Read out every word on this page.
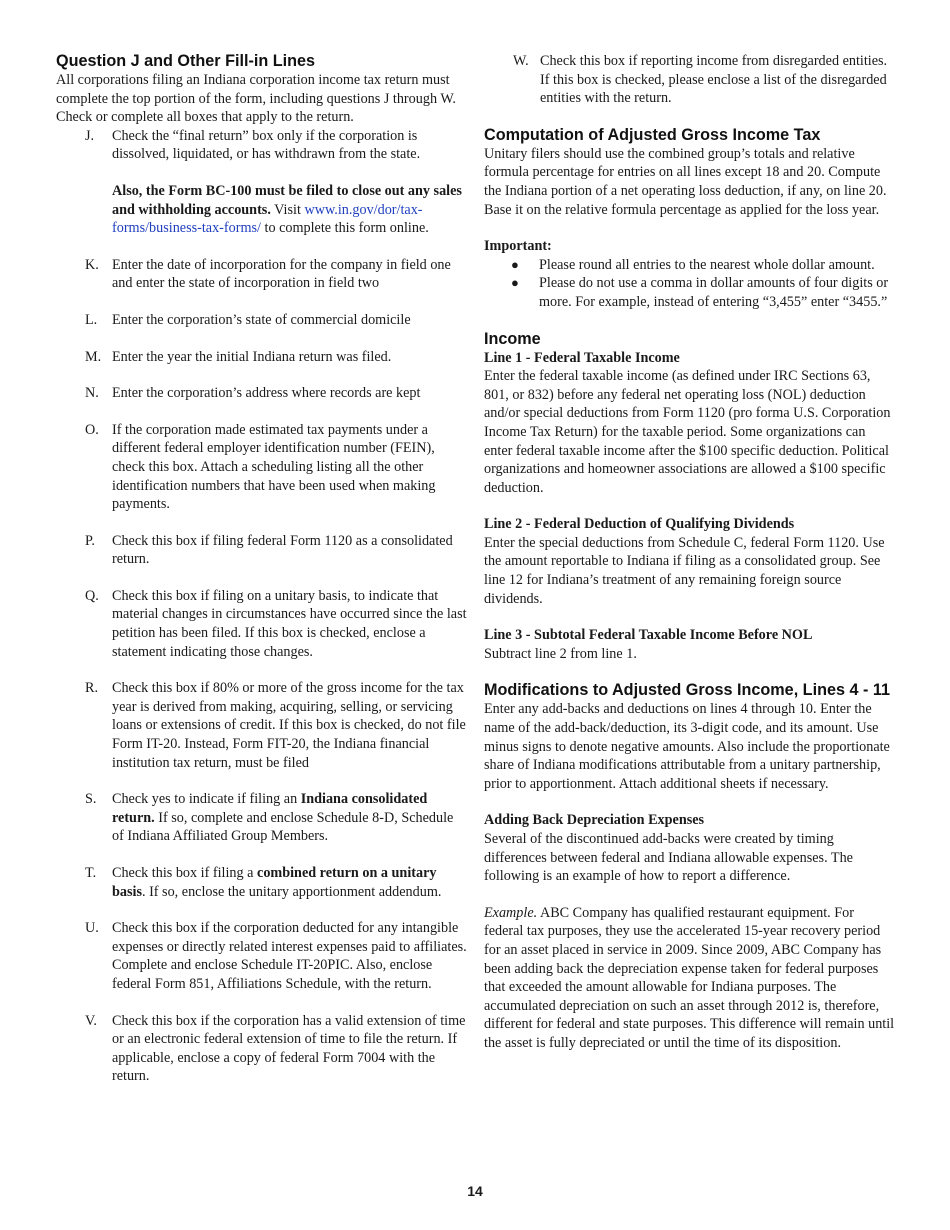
Question J and Other Fill-in Lines

All corporations filing an Indiana corporation income tax return must complete the top portion of the form, including questions J through W. Check or complete all boxes that apply to the return.

J.	Check the “final return” box only if the corporation is dissolved, liquidated, or has withdrawn from the state.

Also, the Form BC-100 must be filed to close out any sales and withholding accounts. Visit www.in.gov/dor/tax-forms/business-tax-forms/ to complete this form online.

K. Enter the date of incorporation for the company in field one and enter the state of incorporation in field two
L.	Enter the corporation’s state of commercial domicile
M. Enter the year the initial Indiana return was filed.
N. Enter the corporation’s address where records are kept
O. If the corporation made estimated tax payments under a different federal employer identification number (FEIN), check this box. Attach a scheduling listing all the other identification numbers that have been used when making payments.
P.	Check this box if filing federal Form 1120 as a consolidated return.
Q. Check this box if filing on a unitary basis, to indicate that material changes in circumstances have occurred since the last petition has been filed. If this box is checked, enclose a statement indicating those changes.
R. Check this box if 80% or more of the gross income for the tax year is derived from making, acquiring, selling, or servicing loans or extensions of credit. If this box is checked, do not file Form IT-20. Instead, Form FIT-20, the Indiana financial institution tax return, must be filed
S.	Check yes to indicate if filing an Indiana consolidated return. If so, complete and enclose Schedule 8-D, Schedule of Indiana Affiliated Group Members.
T.	Check this box if filing a combined return on a unitary basis. If so, enclose the unitary apportionment addendum.
U. Check this box if the corporation deducted for any intangible expenses or directly related interest expenses paid to affiliates. Complete and enclose Schedule IT-20PIC. Also, enclose federal Form 851, Affiliations Schedule, with the return.
V.	Check this box if the corporation has a valid extension of time or an electronic federal extension of time to file the return. If applicable, enclose a copy of federal Form 7004 with the return.
W. Check this box if reporting income from disregarded entities. If this box is checked, please enclose a list of the disregarded entities with the return.
Computation of Adjusted Gross Income Tax

Unitary filers should use the combined group’s totals and relative formula percentage for entries on all lines except 18 and 20. Compute the Indiana portion of a net operating loss deduction, if any, on line 20. Base it on the relative formula percentage as applied for the loss year.

Important:

●	Please round all entries to the nearest whole dollar amount.
●	Please do not use a comma in dollar amounts of four digits or more. For example, instead of entering “3,455” enter “3455.”
Income

Line 1 - Federal Taxable Income

Enter the federal taxable income (as defined under IRC Sections 63, 801, or 832) before any federal net operating loss (NOL) deduction and/or special deductions from Form 1120 (pro forma U.S. Corporation Income Tax Return) for the taxable period. Some organizations can enter federal taxable income after the $100 specific deduction. Political organizations and homeowner associations are allowed a $100 specific deduction.

Line 2 - Federal Deduction of Qualifying Dividends

Enter the special deductions from Schedule C, federal Form 1120. Use the amount reportable to Indiana if filing as a consolidated group. See line 12 for Indiana’s treatment of any remaining foreign source dividends.

Line 3 - Subtotal Federal Taxable Income Before NOL

Subtract line 2 from line 1.

Modifications to Adjusted Gross Income, Lines 4 - 11

Enter any add-backs and deductions on lines 4 through 10. Enter the name of the add-back/deduction, its 3-digit code, and its amount. Use minus signs to denote negative amounts. Also include the proportionate share of Indiana modifications attributable from a unitary partnership, prior to apportionment. Attach additional sheets if necessary.

Adding Back Depreciation Expenses

Several of the discontinued add-backs were created by timing differences between federal and Indiana allowable expenses. The following is an example of how to report a difference.

Example. ABC Company has qualified restaurant equipment. For federal tax purposes, they use the accelerated 15-year recovery period for an asset placed in service in 2009. Since 2009, ABC Company has been adding back the depreciation expense taken for federal purposes that exceeded the amount allowable for Indiana purposes. The accumulated depreciation on such an asset through 2012 is, therefore, different for federal and state purposes. This difference will remain until the asset is fully depreciated or until the time of its disposition.

14
